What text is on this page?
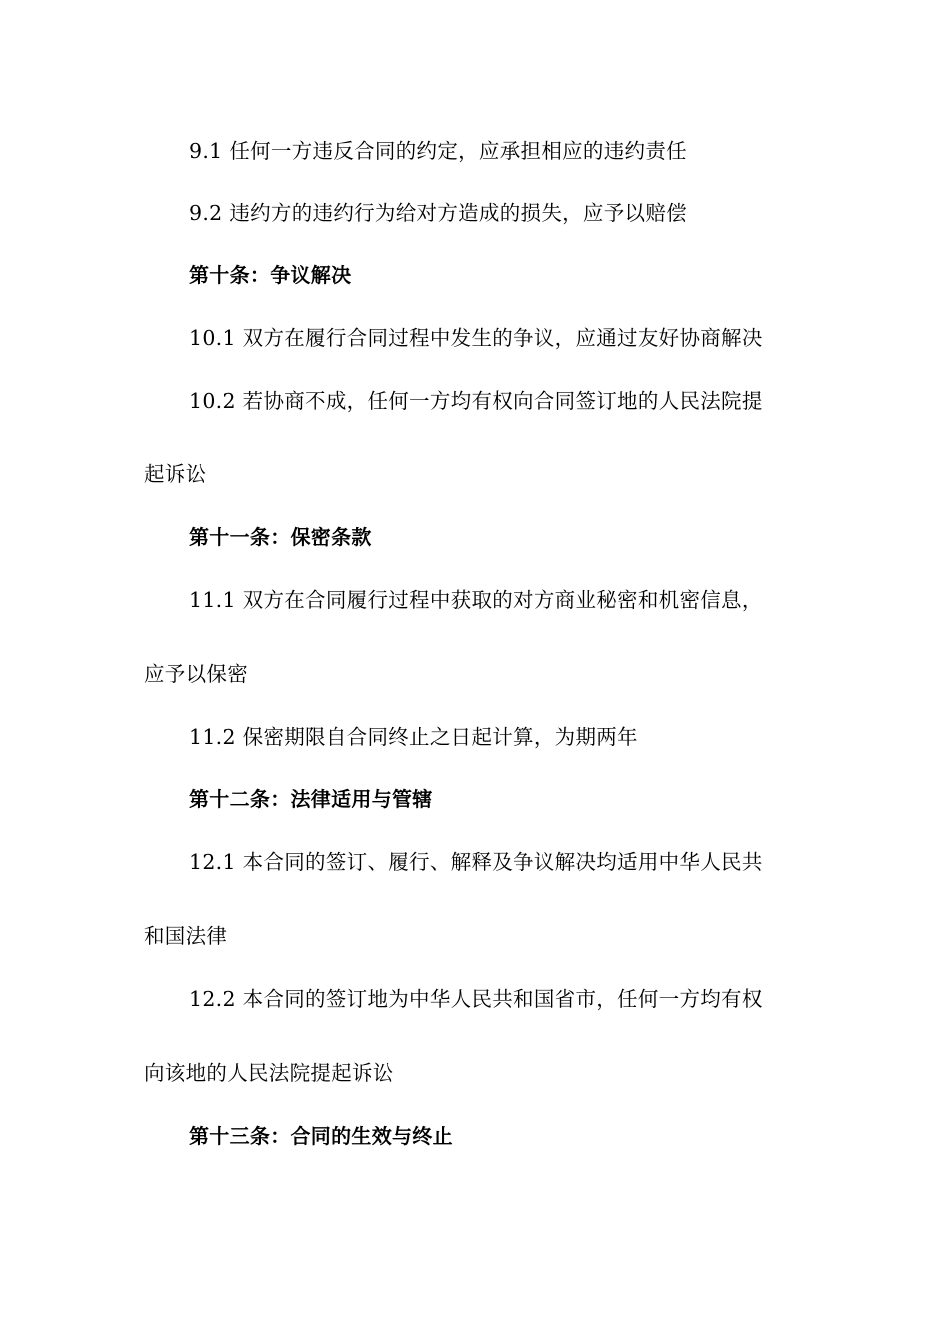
9.1 任何一方违反合同的约定，应承担相应的违约责任
9.2 违约方的违约行为给对方造成的损失，应予以赔偿
第十条：争议解决
10.1 双方在履行合同过程中发生的争议，应通过友好协商解决
10.2 若协商不成，任何一方均有权向合同签订地的人民法院提
起诉讼
第十一条：保密条款
11.1 双方在合同履行过程中获取的对方商业秘密和机密信息，
应予以保密
11.2 保密期限自合同终止之日起计算，为期两年
第十二条：法律适用与管辖
12.1 本合同的签订、履行、解释及争议解决均适用中华人民共
和国法律
12.2 本合同的签订地为中华人民共和国省市，任何一方均有权
向该地的人民法院提起诉讼
第十三条：合同的生效与终止
